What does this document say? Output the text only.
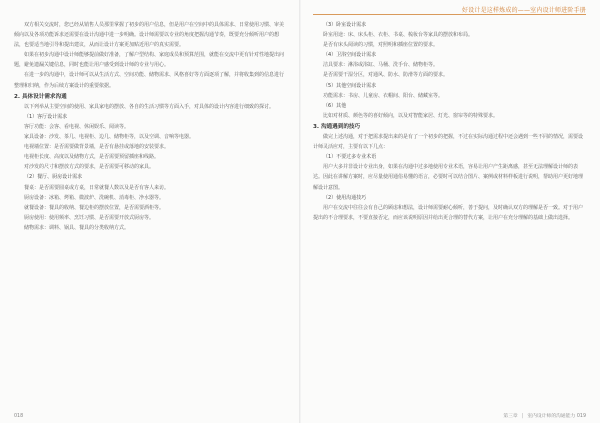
好设计是这样炼成的——室内设计师进阶手册

双方相关交流时，您已经从销售人员那里掌握了初步的用户信息，但是用户在空间中的具体需求、日常使用习惯、审美倾向以及各项功能诉求还需要在设计沟通中进一步明确。设计师需要以专业的角度把握沟通节奏，既要充分倾听用户的想法，也要适当地引导和提出建议，从而让设计方案更加贴近用户的真实需要。

如果在初步沟通中设计师能够提前做好准备，了解户型结构、家庭成员和预算范围，就能在交流中更有针对性地提出问题，避免遗漏关键信息，同时也能让用户感受到设计师的专业与用心。

在进一步的沟通中，设计师可以从生活方式、空间功能、储物需求、风格喜好等方面逐项了解，并将收集到的信息进行整理和归纳，作为后续方案设计的重要依据。

2. 具体设计需求沟通

以下列举从主要空间的使用、家具家电的摆放、各自的生活习惯等方面入手，对具体的设计内容进行细致的探讨。

（1）客厅设计需求

客厅功能：会客、看电视、休闲娱乐、阅读等。

家具设备：沙发、茶几、电视柜、边几、储物柜等，以及空调、音响等电器。

电视墙位置：是否需要做背景墙，是否有悬挂或落地的安装要求。

电视柜长度、高度以及储物方式，是否需要预留插座和线路。

对沙发的尺寸和摆放方式的要求，是否需要可移动的家具。

（2）餐厅、厨房设计需求

餐桌：是否需要圆桌或方桌，日常就餐人数以及是否有客人来访。

厨房设备：冰箱、烤箱、微波炉、洗碗机、消毒柜、净水器等。

就餐设备：餐具的收纳、餐边柜的摆放位置，是否需要酒柜等。

厨房使用：使用频率、烹饪习惯、是否需要开放式厨房等。

储物需求：调料、锅具、餐具的分类收纳方式。

（3）卧室设计需求

卧室用途：床、床头柜、衣柜、书桌、梳妆台等家具的摆放和布局。

是否有床头阅读的习惯，对照明和插座位置的要求。

（4）卫浴空间设计需求

洁具要求：淋浴或浴缸、马桶、洗手台、储物柜等。

是否需要干湿分区，对通风、防水、防滑等方面的要求。

（5）其他空间设计需求

功能需求：书房、儿童房、衣帽间、阳台、储藏室等。

（6）其他

比如对材质、颜色等的喜好倾向，以及对智能家居、灯光、窗帘等的特殊要求。

3. 沟通遇到的技巧

做完上述沟通，对于把需求提出来的是有了一个初步的把握，不过在实际沟通过程中还会遇到一些不同的情况，需要设计师灵活应对，主要有以下几点：

（1）不要过多专业术语

用户大多并非设计专业出身，如果在沟通中过多地使用专业术语，容易让用户产生距离感，甚至无法理解设计师的表达。因此在讲解方案时，应尽量使用通俗易懂的语言，必要时可以结合图片、案例或材料样板进行说明，帮助用户更好地理解设计意图。

（2）使用沟通技巧

用户在交流中往往会有自己的顾虑和想法，设计师需要耐心倾听，善于提问，及时确认双方的理解是否一致。对于用户提出的不合理要求，不要直接否定，而应该说明原因并给出更合理的替代方案，让用户在充分理解的基础上做出选择。

018	第三章 | 室内设计师的沟通能力 019
